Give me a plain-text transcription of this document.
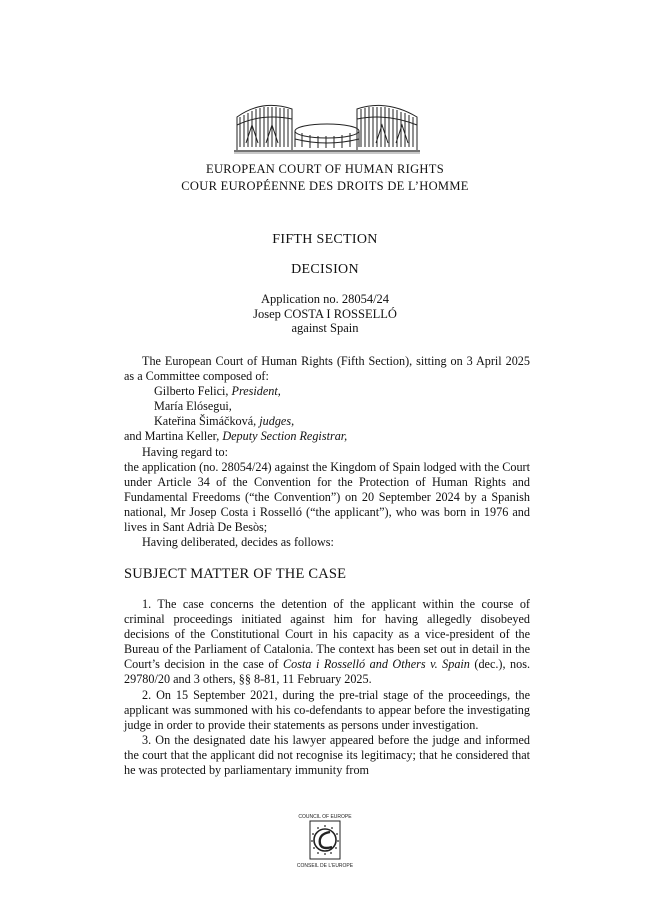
EUROPEAN COURT OF HUMAN RIGHTS
COUR EUROPÉENNE DES DROITS DE L’HOMME
FIFTH SECTION
DECISION
Application no. 28054/24
Josep COSTA I ROSSELLÓ
against Spain

The European Court of Human Rights (Fifth Section), sitting on 3 April 2025 as a Committee composed of:

Gilberto Felici, President,

María Elósegui,

Kateřina Šimáčková, judges,

and Martina Keller, Deputy Section Registrar,

Having regard to:

the application (no. 28054/24) against the Kingdom of Spain lodged with the Court under Article 34 of the Convention for the Protection of Human Rights and Fundamental Freedoms (“the Convention”) on 20 September 2024 by a Spanish national, Mr Josep Costa i Rosselló (“the applicant”), who was born in 1976 and lives in Sant Adrià De Besòs;

Having deliberated, decides as follows:

SUBJECT MATTER OF THE CASE

1. The case concerns the detention of the applicant within the course of criminal proceedings initiated against him for having allegedly disobeyed decisions of the Constitutional Court in his capacity as a vice-president of the Bureau of the Parliament of Catalonia. The context has been set out in detail in the Court’s decision in the case of Costa i Rosselló and Others v. Spain (dec.), nos. 29780/20 and 3 others, §§ 8-81, 11 February 2025.

2. On 15 September 2021, during the pre-trial stage of the proceedings, the applicant was summoned with his co-defendants to appear before the investigating judge in order to provide their statements as persons under investigation.

3. On the designated date his lawyer appeared before the judge and informed the court that the applicant did not recognise its legitimacy; that he considered that he was protected by parliamentary immunity from

COUNCIL OF EUROPE
CONSEIL DE L’EUROPE
